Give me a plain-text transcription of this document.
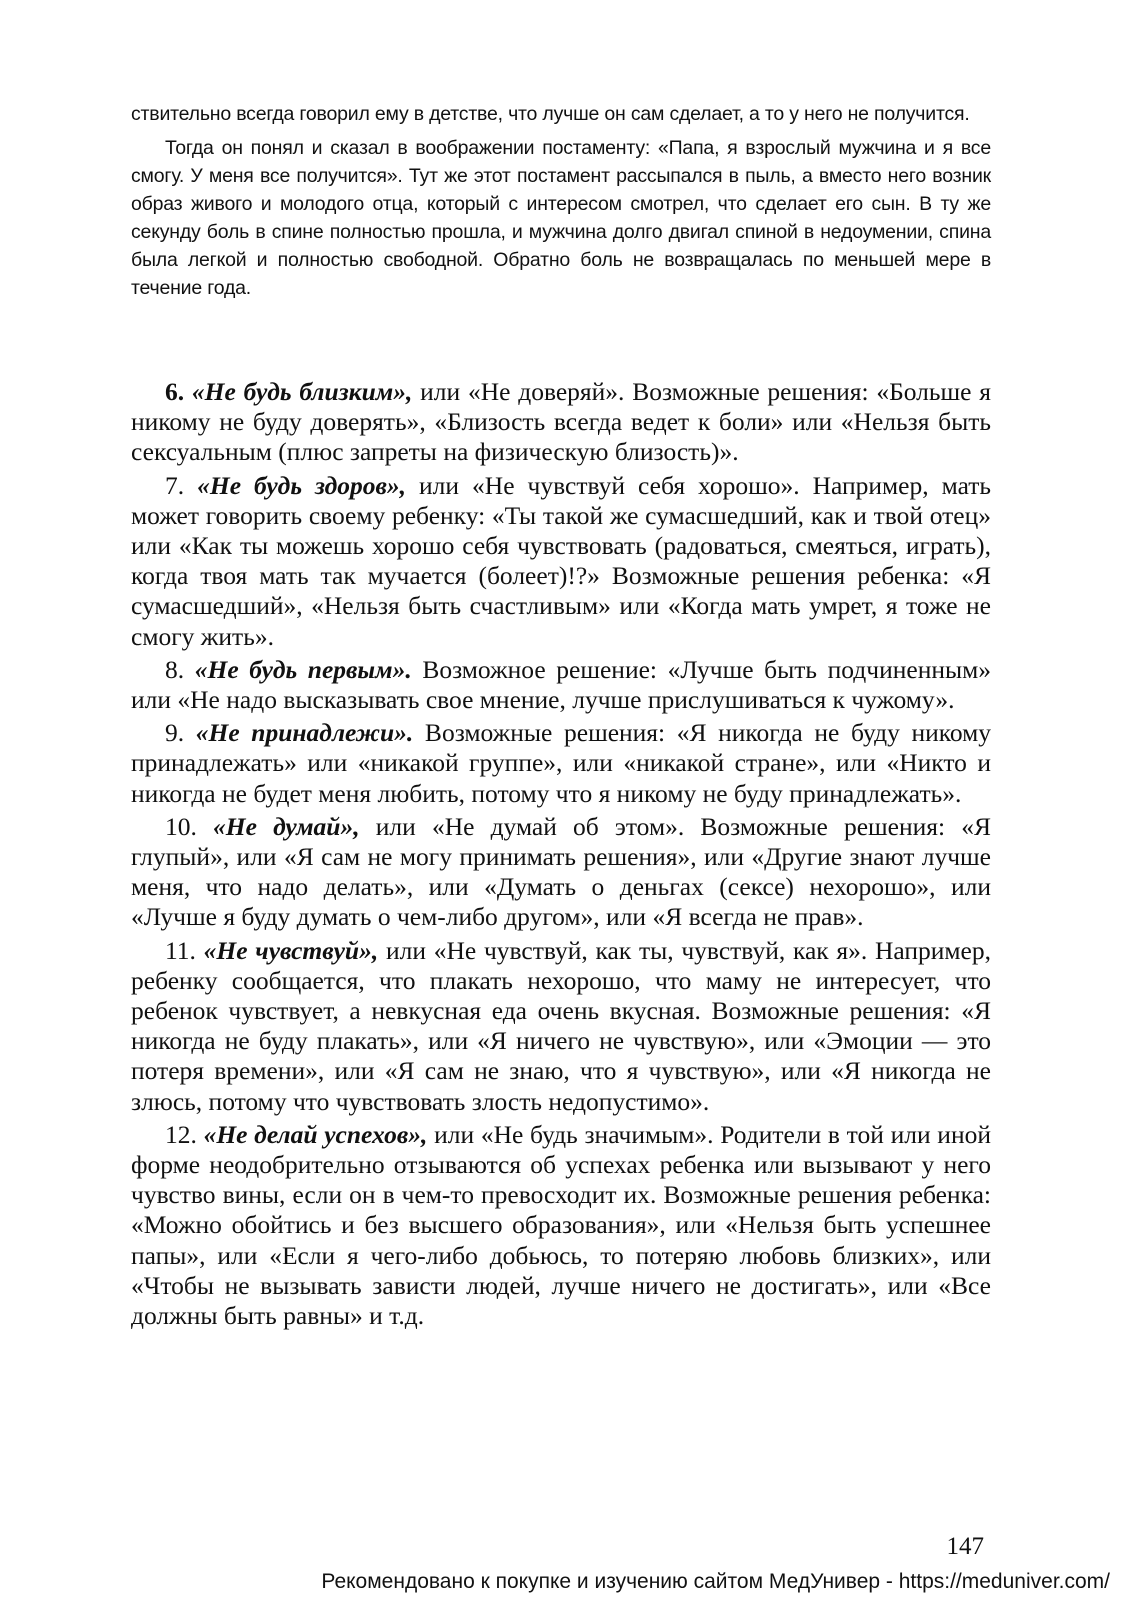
ствительно всегда говорил ему в детстве, что лучше он сам сделает, а то у него не получится.

Тогда он понял и сказал в воображении постаменту: «Папа, я взрослый мужчина и я все смогу. У меня все получится». Тут же этот постамент рассыпался в пыль, а вместо него возник образ живого и молодого отца, который с интересом смотрел, что сделает его сын. В ту же секунду боль в спине полностью прошла, и мужчина долго двигал спиной в недоумении, спина была легкой и полностью свободной. Обратно боль не возвращалась по меньшей мере в течение года.

6. «Не будь близким», или «Не доверяй». Возможные решения: «Больше я никому не буду доверять», «Близость всегда ведет к боли» или «Нельзя быть сексуальным (плюс запреты на физическую близость)».

7. «Не будь здоров», или «Не чувствуй себя хорошо». Например, мать может говорить своему ребенку: «Ты такой же сумасшедший, как и твой отец» или «Как ты можешь хорошо себя чувствовать (радоваться, смеяться, играть), когда твоя мать так мучается (болеет)!?» Возможные решения ребенка: «Я сумасшедший», «Нельзя быть счастливым» или «Когда мать умрет, я тоже не смогу жить».

8. «Не будь первым». Возможное решение: «Лучше быть подчиненным» или «Не надо высказывать свое мнение, лучше прислушиваться к чужому».

9. «Не принадлежи». Возможные решения: «Я никогда не буду никому принадлежать» или «никакой группе», или «никакой стране», или «Никто и никогда не будет меня любить, потому что я никому не буду принадлежать».

10. «Не думай», или «Не думай об этом». Возможные решения: «Я глупый», или «Я сам не могу принимать решения», или «Другие знают лучше меня, что надо делать», или «Думать о деньгах (сексе) нехорошо», или «Лучше я буду думать о чем-либо другом», или «Я всегда не прав».

11. «Не чувствуй», или «Не чувствуй, как ты, чувствуй, как я». Например, ребенку сообщается, что плакать нехорошо, что маму не интересует, что ребенок чувствует, а невкусная еда очень вкусная. Возможные решения: «Я никогда не буду плакать», или «Я ничего не чувствую», или «Эмоции — это потеря времени», или «Я сам не знаю, что я чувствую», или «Я никогда не злюсь, потому что чувствовать злость недопустимо».

12. «Не делай успехов», или «Не будь значимым». Родители в той или иной форме неодобрительно отзываются об успехах ребенка или вызывают у него чувство вины, если он в чем-то превосходит их. Возможные решения ребенка: «Можно обойтись и без высшего образования», или «Нельзя быть успешнее папы», или «Если я чего-либо добьюсь, то потеряю любовь близких», или «Чтобы не вызывать зависти людей, лучше ничего не достигать», или «Все должны быть равны» и т.д.

147
Рекомендовано к покупке и изучению сайтом МедУнивер - https://meduniver.com/
